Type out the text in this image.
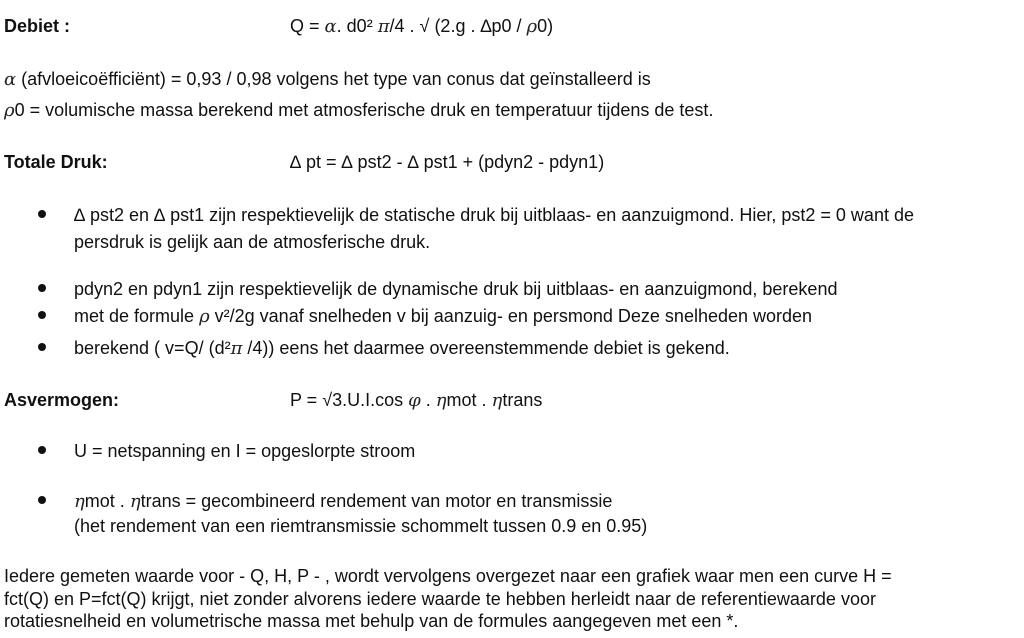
Debiet :	Q = α. d0² π/4 . √ (2.g . ∆p0 / ρ0)
α (afvloeicoëfficiënt) = 0,93 / 0,98 volgens het type van conus dat geïnstalleerd is
ρ0 = volumische massa berekend met atmosferische druk en temperatuur tijdens de test.
Totale Druk:	∆ pt = ∆ pst2 - ∆ pst1 + (pdyn2 - pdyn1)
∆ pst2 en ∆ pst1 zijn respektievelijk de statische druk bij uitblaas- en aanzuigmond. Hier, pst2 = 0 want de
persdruk is gelijk aan de atmosferische druk.
pdyn2 en pdyn1 zijn respektievelijk de dynamische druk bij uitblaas- en aanzuigmond, berekend
met de formule ρ v²/2g vanaf snelheden v bij aanzuig- en persmond Deze snelheden worden
berekend ( v=Q/ (d²π /4)) eens het daarmee overeenstemmende debiet is gekend.
Asvermogen:	P = √3.U.I.cos φ . ηmot . ηtrans
U = netspanning en I = opgeslorpte stroom
ηmot . ηtrans = gecombineerd rendement van motor en transmissie
(het rendement van een riemtransmissie schommelt tussen 0.9 en 0.95)
Iedere gemeten waarde voor - Q, H, P - , wordt vervolgens overgezet naar een grafiek waar men een curve H =
fct(Q) en P=fct(Q) krijgt, niet zonder alvorens iedere waarde te hebben herleidt naar de referentiewaarde voor
rotatiesnelheid en volumetrische massa met behulp van de formules aangegeven met een *.
